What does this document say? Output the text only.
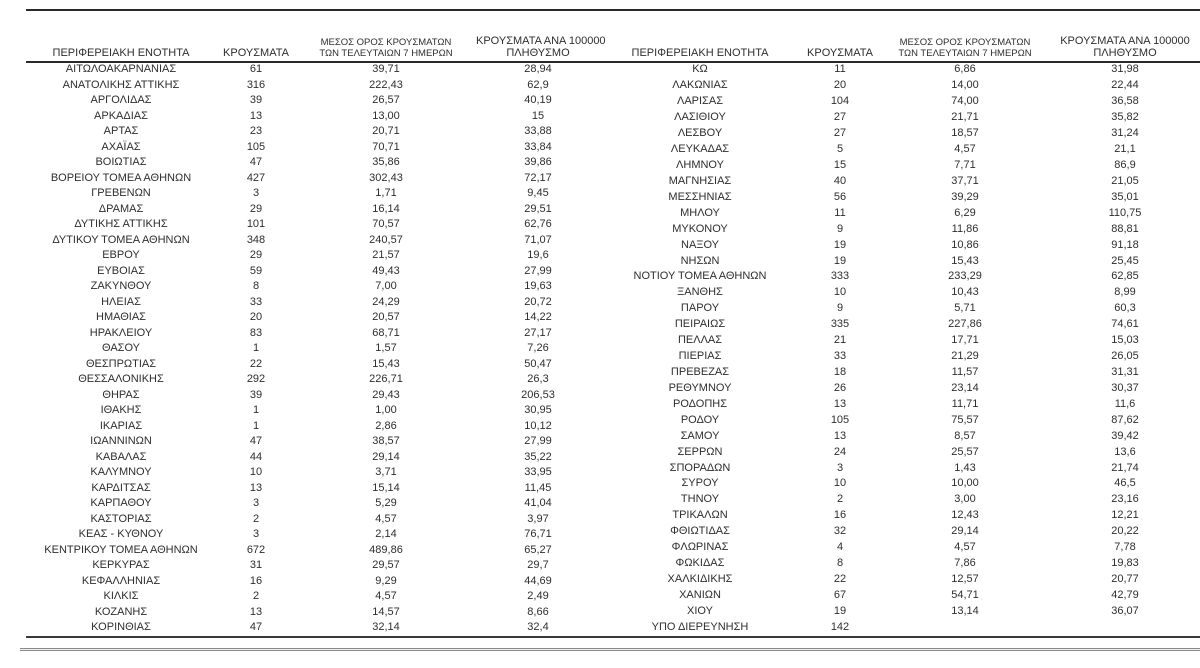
ΠΕΡΙΦΕΡΕΙΑΚΗ ΕΝΟΤΗΤΑ	ΚΡΟΥΣΜΑΤΑ	ΜΕΣΟΣ ΟΡΟΣ ΚΡΟΥΣΜΑΤΩΝ
ΤΩΝ ΤΕΛΕΥΤΑΙΩΝ 7 ΗΜΕΡΩΝ	ΚΡΟΥΣΜΑΤΑ ΑΝΑ 100000
ΠΛΗΘΥΣΜΟ

ΑΙΤΩΛΟΑΚΑΡΝΑΝΙΑΣ	61	39,71	28,94
ΑΝΑΤΟΛΙΚΗΣ ΑΤΤΙΚΗΣ	316	222,43	62,9
ΑΡΓΟΛΙΔΑΣ	39	26,57	40,19
ΑΡΚΑΔΙΑΣ	13	13,00	15
ΑΡΤΑΣ	23	20,71	33,88
ΑΧΑΪΑΣ	105	70,71	33,84
ΒΟΙΩΤΙΑΣ	47	35,86	39,86
ΒΟΡΕΙΟΥ ΤΟΜΕΑ ΑΘΗΝΩΝ	427	302,43	72,17
ΓΡΕΒΕΝΩΝ	3	1,71	9,45
ΔΡΑΜΑΣ	29	16,14	29,51
ΔΥΤΙΚΗΣ ΑΤΤΙΚΗΣ	101	70,57	62,76
ΔΥΤΙΚΟΥ ΤΟΜΕΑ ΑΘΗΝΩΝ	348	240,57	71,07
ΕΒΡΟΥ	29	21,57	19,6
ΕΥΒΟΙΑΣ	59	49,43	27,99
ΖΑΚΥΝΘΟΥ	8	7,00	19,63
ΗΛΕΙΑΣ	33	24,29	20,72
ΗΜΑΘΙΑΣ	20	20,57	14,22
ΗΡΑΚΛΕΙΟΥ	83	68,71	27,17
ΘΑΣΟΥ	1	1,57	7,26
ΘΕΣΠΡΩΤΙΑΣ	22	15,43	50,47
ΘΕΣΣΑΛΟΝΙΚΗΣ	292	226,71	26,3
ΘΗΡΑΣ	39	29,43	206,53
ΙΘΑΚΗΣ	1	1,00	30,95
ΙΚΑΡΙΑΣ	1	2,86	10,12
ΙΩΑΝΝΙΝΩΝ	47	38,57	27,99
ΚΑΒΑΛΑΣ	44	29,14	35,22
ΚΑΛΥΜΝΟΥ	10	3,71	33,95
ΚΑΡΔΙΤΣΑΣ	13	15,14	11,45
ΚΑΡΠΑΘΟΥ	3	5,29	41,04
ΚΑΣΤΟΡΙΑΣ	2	4,57	3,97
ΚΕΑΣ - ΚΥΘΝΟΥ	3	2,14	76,71
ΚΕΝΤΡΙΚΟΥ ΤΟΜΕΑ ΑΘΗΝΩΝ	672	489,86	65,27
ΚΕΡΚΥΡΑΣ	31	29,57	29,7
ΚΕΦΑΛΛΗΝΙΑΣ	16	9,29	44,69
ΚΙΛΚΙΣ	2	4,57	2,49
ΚΟΖΑΝΗΣ	13	14,57	8,66
ΚΟΡΙΝΘΙΑΣ	47	32,14	32,4
ΠΕΡΙΦΕΡΕΙΑΚΗ ΕΝΟΤΗΤΑ	ΚΡΟΥΣΜΑΤΑ	ΜΕΣΟΣ ΟΡΟΣ ΚΡΟΥΣΜΑΤΩΝ
ΤΩΝ ΤΕΛΕΥΤΑΙΩΝ 7 ΗΜΕΡΩΝ	ΚΡΟΥΣΜΑΤΑ ΑΝΑ 100000
ΠΛΗΘΥΣΜΟ

ΚΩ	11	6,86	31,98
ΛΑΚΩΝΙΑΣ	20	14,00	22,44
ΛΑΡΙΣΑΣ	104	74,00	36,58
ΛΑΣΙΘΙΟΥ	27	21,71	35,82
ΛΕΣΒΟΥ	27	18,57	31,24
ΛΕΥΚΑΔΑΣ	5	4,57	21,1
ΛΗΜΝΟΥ	15	7,71	86,9
ΜΑΓΝΗΣΙΑΣ	40	37,71	21,05
ΜΕΣΣΗΝΙΑΣ	56	39,29	35,01
ΜΗΛΟΥ	11	6,29	110,75
ΜΥΚΟΝΟΥ	9	11,86	88,81
ΝΑΞΟΥ	19	10,86	91,18
ΝΗΣΩΝ	19	15,43	25,45
ΝΟΤΙΟΥ ΤΟΜΕΑ ΑΘΗΝΩΝ	333	233,29	62,85
ΞΑΝΘΗΣ	10	10,43	8,99
ΠΑΡΟΥ	9	5,71	60,3
ΠΕΙΡΑΙΩΣ	335	227,86	74,61
ΠΕΛΛΑΣ	21	17,71	15,03
ΠΙΕΡΙΑΣ	33	21,29	26,05
ΠΡΕΒΕΖΑΣ	18	11,57	31,31
ΡΕΘΥΜΝΟΥ	26	23,14	30,37
ΡΟΔΟΠΗΣ	13	11,71	11,6
ΡΟΔΟΥ	105	75,57	87,62
ΣΑΜΟΥ	13	8,57	39,42
ΣΕΡΡΩΝ	24	25,57	13,6
ΣΠΟΡΑΔΩΝ	3	1,43	21,74
ΣΥΡΟΥ	10	10,00	46,5
ΤΗΝΟΥ	2	3,00	23,16
ΤΡΙΚΑΛΩΝ	16	12,43	12,21
ΦΘΙΩΤΙΔΑΣ	32	29,14	20,22
ΦΛΩΡΙΝΑΣ	4	4,57	7,78
ΦΩΚΙΔΑΣ	8	7,86	19,83
ΧΑΛΚΙΔΙΚΗΣ	22	12,57	20,77
ΧΑΝΙΩΝ	67	54,71	42,79
ΧΙΟΥ	19	13,14	36,07
ΥΠΟ ΔΙΕΡΕΥΝΗΣΗ	142		
